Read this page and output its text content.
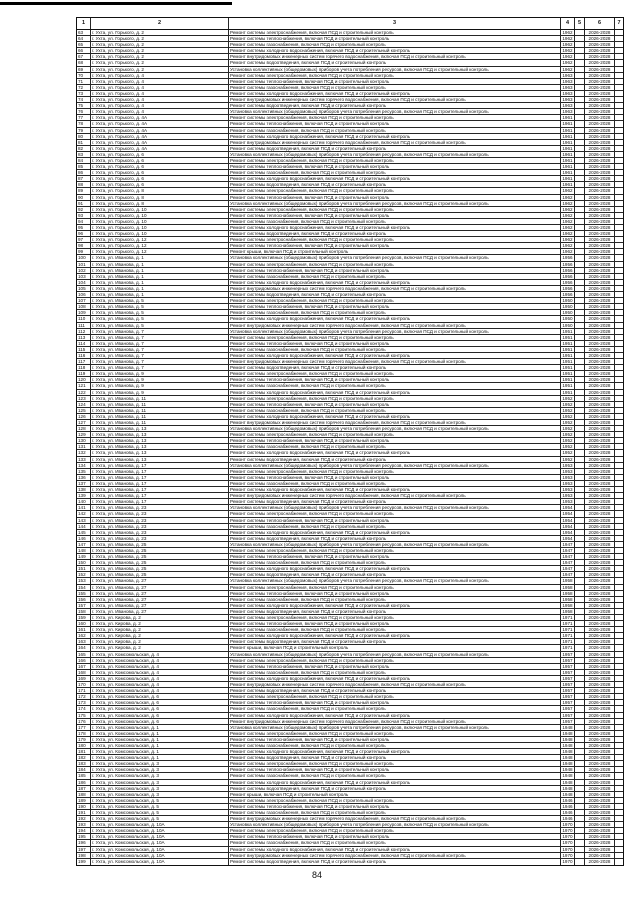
1	2	3	4	5	6	7
63	г. Ухта, ул. Горького, д. 2	Ремонт системы электроснабжения, включая ПСД и строительный контроль	1962	2026-2028
64	г. Ухта, ул. Горького, д. 2	Ремонт системы теплоснабжения, включая ПСД и строительный контроль	1962	2026-2028
65	г. Ухта, ул. Горького, д. 2	Ремонт системы газоснабжения, включая ПСД и строительный контроль	1962	2026-2028
66	г. Ухта, ул. Горького, д. 2	Ремонт системы холодного водоснабжения, включая ПСД и строительный контроль	1962	2026-2028
67	г. Ухта, ул. Горького, д. 2	Ремонт внутридомовых инженерных систем горячего водоснабжения, включая ПСД и строительный контроль	1962	2026-2028
68	г. Ухта, ул. Горького, д. 2	Ремонт системы водоотведения, включая ПСД и строительный контроль	1962	2026-2028
69	г. Ухта, ул. Горького, д. 2	Установка коллективных (общедомовых) приборов учета потребления ресурсов, включая ПСД и строительный контроль	1962	2026-2028
70	г. Ухта, ул. Горького, д. 4	Ремонт системы электроснабжения, включая ПСД и строительный контроль	1963	2026-2028
71	г. Ухта, ул. Горького, д. 4	Ремонт системы теплоснабжения, включая ПСД и строительный контроль	1963	2026-2028
72	г. Ухта, ул. Горького, д. 4	Ремонт системы газоснабжения, включая ПСД и строительный контроль	1963	2026-2028
73	г. Ухта, ул. Горького, д. 4	Ремонт системы холодного водоснабжения, включая ПСД и строительный контроль	1963	2026-2028
74	г. Ухта, ул. Горького, д. 4	Ремонт внутридомовых инженерных систем горячего водоснабжения, включая ПСД и строительный контроль	1963	2026-2028
75	г. Ухта, ул. Горького, д. 4	Ремонт системы водоотведения, включая ПСД и строительный контроль	1963	2026-2028
76	г. Ухта, ул. Горького, д. 4	Установка коллективных (общедомовых) приборов учета потребления ресурсов, включая ПСД и строительный контроль	1963	2026-2028
77	г. Ухта, ул. Горького, д. 4А	Ремонт системы электроснабжения, включая ПСД и строительный контроль	1961	2026-2028
78	г. Ухта, ул. Горького, д. 4А	Ремонт системы теплоснабжения, включая ПСД и строительный контроль	1961	2026-2028
79	г. Ухта, ул. Горького, д. 4А	Ремонт системы газоснабжения, включая ПСД и строительный контроль	1961	2026-2028
80	г. Ухта, ул. Горького, д. 4А	Ремонт системы холодного водоснабжения, включая ПСД и строительный контроль	1961	2026-2028
81	г. Ухта, ул. Горького, д. 4А	Ремонт внутридомовых инженерных систем горячего водоснабжения, включая ПСД и строительный контроль	1961	2026-2028
82	г. Ухта, ул. Горького, д. 4А	Ремонт системы водоотведения, включая ПСД и строительный контроль	1961	2026-2028
83	г. Ухта, ул. Горького, д. 6	Установка коллективных (общедомовых) приборов учета потребления ресурсов, включая ПСД и строительный контроль	1961	2026-2028
84	г. Ухта, ул. Горького, д. 6	Ремонт системы электроснабжения, включая ПСД и строительный контроль	1961	2026-2028
85	г. Ухта, ул. Горького, д. 6	Ремонт системы теплоснабжения, включая ПСД и строительный контроль	1961	2026-2028
86	г. Ухта, ул. Горького, д. 6	Ремонт системы газоснабжения, включая ПСД и строительный контроль	1961	2026-2028
87	г. Ухта, ул. Горького, д. 6	Ремонт системы холодного водоснабжения, включая ПСД и строительный контроль	1961	2026-2028
88	г. Ухта, ул. Горького, д. 6	Ремонт системы водоотведения, включая ПСД и строительный контроль	1961	2026-2028
89	г. Ухта, ул. Горького, д. 8	Ремонт системы электроснабжения, включая ПСД и строительный контроль	1962	2026-2028
90	г. Ухта, ул. Горького, д. 8	Ремонт системы теплоснабжения, включая ПСД и строительный контроль	1962	2026-2028
91	г. Ухта, ул. Горького, д. 8	Установка коллективных (общедомовых) приборов учета потребления ресурсов, включая ПСД и строительный контроль	1962	2026-2028
92	г. Ухта, ул. Горького, д. 10	Ремонт системы электроснабжения, включая ПСД и строительный контроль	1962	2026-2028
93	г. Ухта, ул. Горького, д. 10	Ремонт системы теплоснабжения, включая ПСД и строительный контроль	1962	2026-2028
94	г. Ухта, ул. Горького, д. 10	Ремонт системы газоснабжения, включая ПСД и строительный контроль	1962	2026-2028
95	г. Ухта, ул. Горького, д. 10	Ремонт системы холодного водоснабжения, включая ПСД и строительный контроль	1962	2026-2028
96	г. Ухта, ул. Горького, д. 10	Ремонт системы водоотведения, включая ПСД и строительный контроль	1962	2026-2028
97	г. Ухта, ул. Горького, д. 12	Ремонт системы электроснабжения, включая ПСД и строительный контроль	1962	2026-2028
98	г. Ухта, ул. Горького, д. 12	Ремонт системы теплоснабжения, включая ПСД и строительный контроль	1962	2026-2028
99	г. Ухта, ул. Горького, д. 12	Ремонт крыши, включая ПСД и строительный контроль	1962	2026-2028
100	г. Ухта, ул. Иванова, д. 1	Установка коллективных (общедомовых) приборов учета потребления ресурсов, включая ПСД и строительный контроль	1956	2026-2028
101	г. Ухта, ул. Иванова, д. 1	Ремонт системы электроснабжения, включая ПСД и строительный контроль	1956	2026-2028
102	г. Ухта, ул. Иванова, д. 1	Ремонт системы теплоснабжения, включая ПСД и строительный контроль	1956	2026-2028
103	г. Ухта, ул. Иванова, д. 1	Ремонт системы газоснабжения, включая ПСД и строительный контроль	1956	2026-2028
104	г. Ухта, ул. Иванова, д. 1	Ремонт системы холодного водоснабжения, включая ПСД и строительный контроль	1956	2026-2028
105	г. Ухта, ул. Иванова, д. 1	Ремонт внутридомовых инженерных систем горячего водоснабжения, включая ПСД и строительный контроль	1956	2026-2028
106	г. Ухта, ул. Иванова, д. 1	Ремонт системы водоотведения, включая ПСД и строительный контроль	1956	2026-2028
107	г. Ухта, ул. Иванова, д. 5	Ремонт системы электроснабжения, включая ПСД и строительный контроль	1950	2026-2028
108	г. Ухта, ул. Иванова, д. 5	Ремонт системы теплоснабжения, включая ПСД и строительный контроль	1950	2026-2028
109	г. Ухта, ул. Иванова, д. 5	Ремонт системы газоснабжения, включая ПСД и строительный контроль	1950	2026-2028
110	г. Ухта, ул. Иванова, д. 5	Ремонт системы холодного водоснабжения, включая ПСД и строительный контроль	1950	2026-2028
111	г. Ухта, ул. Иванова, д. 5	Ремонт внутридомовых инженерных систем горячего водоснабжения, включая ПСД и строительный контроль	1950	2026-2028
112	г. Ухта, ул. Иванова, д. 7	Установка коллективных (общедомовых) приборов учета потребления ресурсов, включая ПСД и строительный контроль	1951	2026-2028
113	г. Ухта, ул. Иванова, д. 7	Ремонт системы электроснабжения, включая ПСД и строительный контроль	1951	2026-2028
114	г. Ухта, ул. Иванова, д. 7	Ремонт системы теплоснабжения, включая ПСД и строительный контроль	1951	2026-2028
115	г. Ухта, ул. Иванова, д. 7	Ремонт системы газоснабжения, включая ПСД и строительный контроль	1951	2026-2028
116	г. Ухта, ул. Иванова, д. 7	Ремонт системы холодного водоснабжения, включая ПСД и строительный контроль	1951	2026-2028
117	г. Ухта, ул. Иванова, д. 7	Ремонт внутридомовых инженерных систем горячего водоснабжения, включая ПСД и строительный контроль	1951	2026-2028
118	г. Ухта, ул. Иванова, д. 7	Ремонт системы водоотведения, включая ПСД и строительный контроль	1951	2026-2028
119	г. Ухта, ул. Иванова, д. 9	Ремонт системы электроснабжения, включая ПСД и строительный контроль	1951	2026-2028
120	г. Ухта, ул. Иванова, д. 9	Ремонт системы теплоснабжения, включая ПСД и строительный контроль	1951	2026-2028
121	г. Ухта, ул. Иванова, д. 9	Ремонт системы газоснабжения, включая ПСД и строительный контроль	1951	2026-2028
122	г. Ухта, ул. Иванова, д. 9	Ремонт системы холодного водоснабжения, включая ПСД и строительный контроль	1951	2026-2028
123	г. Ухта, ул. Иванова, д. 11	Ремонт системы электроснабжения, включая ПСД и строительный контроль	1952	2026-2028
124	г. Ухта, ул. Иванова, д. 11	Ремонт системы теплоснабжения, включая ПСД и строительный контроль	1952	2026-2028
125	г. Ухта, ул. Иванова, д. 11	Ремонт системы газоснабжения, включая ПСД и строительный контроль	1952	2026-2028
126	г. Ухта, ул. Иванова, д. 11	Ремонт системы холодного водоснабжения, включая ПСД и строительный контроль	1952	2026-2028
127	г. Ухта, ул. Иванова, д. 11	Ремонт внутридомовых инженерных систем горячего водоснабжения, включая ПСД и строительный контроль	1952	2026-2028
128	г. Ухта, ул. Иванова, д. 13	Установка коллективных (общедомовых) приборов учета потребления ресурсов, включая ПСД и строительный контроль	1952	2026-2028
129	г. Ухта, ул. Иванова, д. 13	Ремонт системы электроснабжения, включая ПСД и строительный контроль	1952	2026-2028
130	г. Ухта, ул. Иванова, д. 13	Ремонт системы теплоснабжения, включая ПСД и строительный контроль	1952	2026-2028
131	г. Ухта, ул. Иванова, д. 13	Ремонт системы газоснабжения, включая ПСД и строительный контроль	1952	2026-2028
132	г. Ухта, ул. Иванова, д. 13	Ремонт системы холодного водоснабжения, включая ПСД и строительный контроль	1952	2026-2028
133	г. Ухта, ул. Иванова, д. 13	Ремонт системы водоотведения, включая ПСД и строительный контроль	1952	2026-2028
134	г. Ухта, ул. Иванова, д. 17	Установка коллективных (общедомовых) приборов учета потребления ресурсов, включая ПСД и строительный контроль	1953	2026-2028
135	г. Ухта, ул. Иванова, д. 17	Ремонт системы электроснабжения, включая ПСД и строительный контроль	1953	2026-2028
136	г. Ухта, ул. Иванова, д. 17	Ремонт системы теплоснабжения, включая ПСД и строительный контроль	1953	2026-2028
137	г. Ухта, ул. Иванова, д. 17	Ремонт системы газоснабжения, включая ПСД и строительный контроль	1953	2026-2028
138	г. Ухта, ул. Иванова, д. 17	Ремонт системы холодного водоснабжения, включая ПСД и строительный контроль	1953	2026-2028
139	г. Ухта, ул. Иванова, д. 17	Ремонт внутридомовых инженерных систем горячего водоснабжения, включая ПСД и строительный контроль	1953	2026-2028
140	г. Ухта, ул. Иванова, д. 17	Ремонт системы водоотведения, включая ПСД и строительный контроль	1953	2026-2028
141	г. Ухта, ул. Иванова, д. 23	Установка коллективных (общедомовых) приборов учета потребления ресурсов, включая ПСД и строительный контроль	1954	2026-2028
142	г. Ухта, ул. Иванова, д. 23	Ремонт системы электроснабжения, включая ПСД и строительный контроль	1954	2026-2028
143	г. Ухта, ул. Иванова, д. 23	Ремонт системы теплоснабжения, включая ПСД и строительный контроль	1954	2026-2028
144	г. Ухта, ул. Иванова, д. 23	Ремонт системы газоснабжения, включая ПСД и строительный контроль	1954	2026-2028
145	г. Ухта, ул. Иванова, д. 23	Ремонт системы холодного водоснабжения, включая ПСД и строительный контроль	1954	2026-2028
146	г. Ухта, ул. Иванова, д. 23	Ремонт системы водоотведения, включая ПСД и строительный контроль	1954	2026-2028
147	г. Ухта, ул. Иванова, д. 25	Установка коллективных (общедомовых) приборов учета потребления ресурсов, включая ПСД и строительный контроль	1947	2026-2028
148	г. Ухта, ул. Иванова, д. 25	Ремонт системы электроснабжения, включая ПСД и строительный контроль	1947	2026-2028
149	г. Ухта, ул. Иванова, д. 25	Ремонт системы теплоснабжения, включая ПСД и строительный контроль	1947	2026-2028
150	г. Ухта, ул. Иванова, д. 25	Ремонт системы газоснабжения, включая ПСД и строительный контроль	1947	2026-2028
151	г. Ухта, ул. Иванова, д. 25	Ремонт системы холодного водоснабжения, включая ПСД и строительный контроль	1947	2026-2028
152	г. Ухта, ул. Иванова, д. 25	Ремонт системы водоотведения, включая ПСД и строительный контроль	1947	2026-2028
153	г. Ухта, ул. Иванова, д. 27	Установка коллективных (общедомовых) приборов учета потребления ресурсов, включая ПСД и строительный контроль	1958	2026-2028
154	г. Ухта, ул. Иванова, д. 27	Ремонт системы электроснабжения, включая ПСД и строительный контроль	1958	2026-2028
155	г. Ухта, ул. Иванова, д. 27	Ремонт системы теплоснабжения, включая ПСД и строительный контроль	1958	2026-2028
156	г. Ухта, ул. Иванова, д. 27	Ремонт системы газоснабжения, включая ПСД и строительный контроль	1958	2026-2028
157	г. Ухта, ул. Иванова, д. 27	Ремонт системы холодного водоснабжения, включая ПСД и строительный контроль	1958	2026-2028
158	г. Ухта, ул. Иванова, д. 27	Ремонт системы водоотведения, включая ПСД и строительный контроль	1958	2026-2028
159	г. Ухта, ул. Кирова, д. 2	Ремонт системы электроснабжения, включая ПСД и строительный контроль	1971	2026-2028
160	г. Ухта, ул. Кирова, д. 2	Ремонт системы теплоснабжения, включая ПСД и строительный контроль	1971	2026-2028
161	г. Ухта, ул. Кирова, д. 2	Ремонт системы газоснабжения, включая ПСД и строительный контроль	1971	2026-2028
162	г. Ухта, ул. Кирова, д. 2	Ремонт системы холодного водоснабжения, включая ПСД и строительный контроль	1971	2026-2028
163	г. Ухта, ул. Кирова, д. 2	Ремонт системы водоотведения, включая ПСД и строительный контроль	1971	2026-2028
164	г. Ухта, ул. Кирова, д. 2	Ремонт крыши, включая ПСД и строительный контроль	1971	2026-2028
165	г. Ухта, ул. Комсомольская, д. 4	Установка коллективных (общедомовых) приборов учета потребления ресурсов, включая ПСД и строительный контроль	1957	2026-2028
166	г. Ухта, ул. Комсомольская, д. 4	Ремонт системы электроснабжения, включая ПСД и строительный контроль	1957	2026-2028
167	г. Ухта, ул. Комсомольская, д. 4	Ремонт системы теплоснабжения, включая ПСД и строительный контроль	1957	2026-2028
168	г. Ухта, ул. Комсомольская, д. 4	Ремонт системы газоснабжения, включая ПСД и строительный контроль	1957	2026-2028
169	г. Ухта, ул. Комсомольская, д. 4	Ремонт системы холодного водоснабжения, включая ПСД и строительный контроль	1957	2026-2028
170	г. Ухта, ул. Комсомольская, д. 4	Ремонт внутридомовых инженерных систем горячего водоснабжения, включая ПСД и строительный контроль	1957	2026-2028
171	г. Ухта, ул. Комсомольская, д. 4	Ремонт системы водоотведения, включая ПСД и строительный контроль	1957	2026-2028
172	г. Ухта, ул. Комсомольская, д. 6	Ремонт системы электроснабжения, включая ПСД и строительный контроль	1957	2026-2028
173	г. Ухта, ул. Комсомольская, д. 6	Ремонт системы теплоснабжения, включая ПСД и строительный контроль	1957	2026-2028
174	г. Ухта, ул. Комсомольская, д. 6	Ремонт системы газоснабжения, включая ПСД и строительный контроль	1957	2026-2028
175	г. Ухта, ул. Комсомольская, д. 6	Ремонт системы холодного водоснабжения, включая ПСД и строительный контроль	1957	2026-2028
176	г. Ухта, ул. Комсомольская, д. 6	Ремонт внутридомовых инженерных систем горячего водоснабжения, включая ПСД и строительный контроль	1957	2026-2028
177	г. Ухта, ул. Комсомольская, д. 1	Установка коллективных (общедомовых) приборов учета потребления ресурсов, включая ПСД и строительный контроль	1948	2026-2028
178	г. Ухта, ул. Комсомольская, д. 1	Ремонт системы электроснабжения, включая ПСД и строительный контроль	1948	2026-2028
179	г. Ухта, ул. Комсомольская, д. 1	Ремонт системы теплоснабжения, включая ПСД и строительный контроль	1948	2026-2028
180	г. Ухта, ул. Комсомольская, д. 1	Ремонт системы газоснабжения, включая ПСД и строительный контроль	1948	2026-2028
181	г. Ухта, ул. Комсомольская, д. 1	Ремонт системы холодного водоснабжения, включая ПСД и строительный контроль	1948	2026-2028
182	г. Ухта, ул. Комсомольская, д. 1	Ремонт системы водоотведения, включая ПСД и строительный контроль	1948	2026-2028
183	г. Ухта, ул. Комсомольская, д. 3	Ремонт системы электроснабжения, включая ПСД и строительный контроль	1948	2026-2028
184	г. Ухта, ул. Комсомольская, д. 3	Ремонт системы теплоснабжения, включая ПСД и строительный контроль	1948	2026-2028
185	г. Ухта, ул. Комсомольская, д. 3	Ремонт системы газоснабжения, включая ПСД и строительный контроль	1948	2026-2028
186	г. Ухта, ул. Комсомольская, д. 3	Ремонт системы холодного водоснабжения, включая ПСД и строительный контроль	1948	2026-2028
187	г. Ухта, ул. Комсомольская, д. 3	Ремонт системы водоотведения, включая ПСД и строительный контроль	1948	2026-2028
188	г. Ухта, ул. Комсомольская, д. 3	Ремонт крыши, включая ПСД и строительный контроль	1948	2026-2028
189	г. Ухта, ул. Комсомольская, д. 5	Ремонт системы электроснабжения, включая ПСД и строительный контроль	1946	2026-2028
190	г. Ухта, ул. Комсомольская, д. 5	Ремонт системы теплоснабжения, включая ПСД и строительный контроль	1946	2026-2028
191	г. Ухта, ул. Комсомольская, д. 5	Ремонт системы газоснабжения, включая ПСД и строительный контроль	1946	2026-2028
192	г. Ухта, ул. Комсомольская, д. 5	Ремонт внутридомовых инженерных систем горячего водоснабжения, включая ПСД и строительный контроль	1946	2026-2028
193	г. Ухта, ул. Комсомольская, д. 10А	Установка коллективных (общедомовых) приборов учета потребления ресурсов, включая ПСД и строительный контроль	1970	2026-2028
194	г. Ухта, ул. Комсомольская, д. 10А	Ремонт системы электроснабжения, включая ПСД и строительный контроль	1970	2026-2028
195	г. Ухта, ул. Комсомольская, д. 10А	Ремонт системы теплоснабжения, включая ПСД и строительный контроль	1970	2026-2028
196	г. Ухта, ул. Комсомольская, д. 10А	Ремонт системы газоснабжения, включая ПСД и строительный контроль	1970	2026-2028
197	г. Ухта, ул. Комсомольская, д. 10А	Ремонт системы холодного водоснабжения, включая ПСД и строительный контроль	1970	2026-2028
198	г. Ухта, ул. Комсомольская, д. 10А	Ремонт внутридомовых инженерных систем горячего водоснабжения, включая ПСД и строительный контроль	1970	2026-2028
199	г. Ухта, ул. Комсомольская, д. 10А	Ремонт системы водоотведения, включая ПСД и строительный контроль	1970	2026-2028
84
